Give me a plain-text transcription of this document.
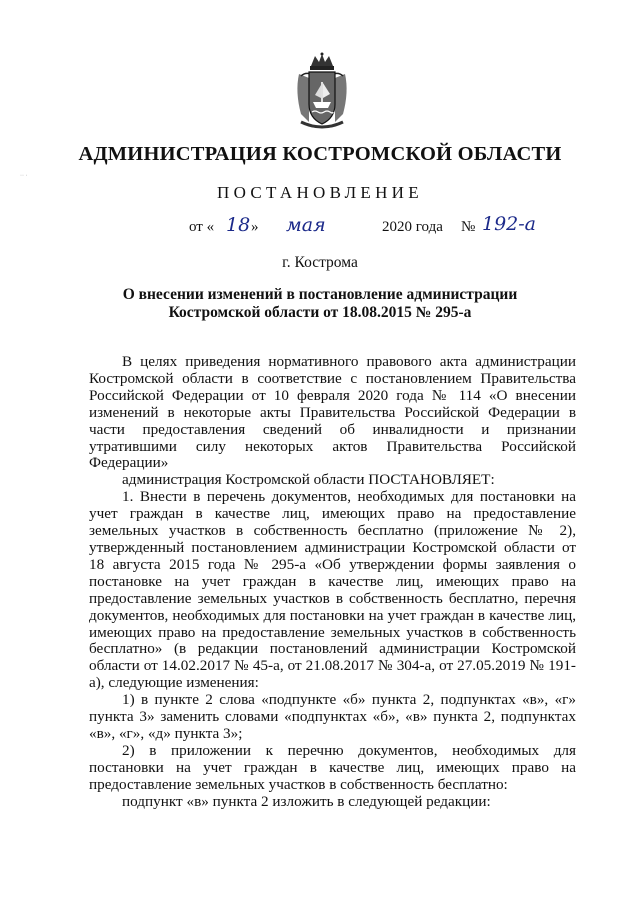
·· ·
АДМИНИСТРАЦИЯ КОСТРОМСКОЙ ОБЛАСТИ
ПОСТАНОВЛЕНИЕ
от « 18 » мая	2020 года № 192-а
г. Кострома
О внесении изменений в постановление администрации
Костромской области от 18.08.2015 № 295-а

В целях приведения нормативного правового акта администрации Костромской области в соответствие с постановлением Правительства Российской Федерации от 10 февраля 2020 года № 114 «О внесении изменений в некоторые акты Правительства Российской Федерации в части предоставления сведений об инвалидности и признании утратившими силу некоторых актов Правительства Российской Федерации»

администрация Костромской области ПОСТАНОВЛЯЕТ:

1. Внести в перечень документов, необходимых для постановки на учет граждан в качестве лиц, имеющих право на предоставление земельных участков в собственность бесплатно (приложение № 2), утвержденный постановлением администрации Костромской области от 18 августа 2015 года № 295-а «Об утверждении формы заявления о постановке на учет граждан в качестве лиц, имеющих право на предоставление земельных участков в собственность бесплатно, перечня документов, необходимых для постановки на учет граждан в качестве лиц, имеющих право на предоставление земельных участков в собственность бесплатно» (в редакции постановлений администрации Костромской области от 14.02.2017 № 45-а, от 21.08.2017 № 304-а, от 27.05.2019 № 191-а), следующие изменения:

1) в пункте 2 слова «подпункте «б» пункта 2, подпунктах «в», «г» пункта 3» заменить словами «подпунктах «б», «в» пункта 2, подпунктах «в», «г», «д» пункта 3»;

2) в приложении к перечню документов, необходимых для постановки на учет граждан в качестве лиц, имеющих право на предоставление земельных участков в собственность бесплатно:

подпункт «в» пункта 2 изложить в следующей редакции:
